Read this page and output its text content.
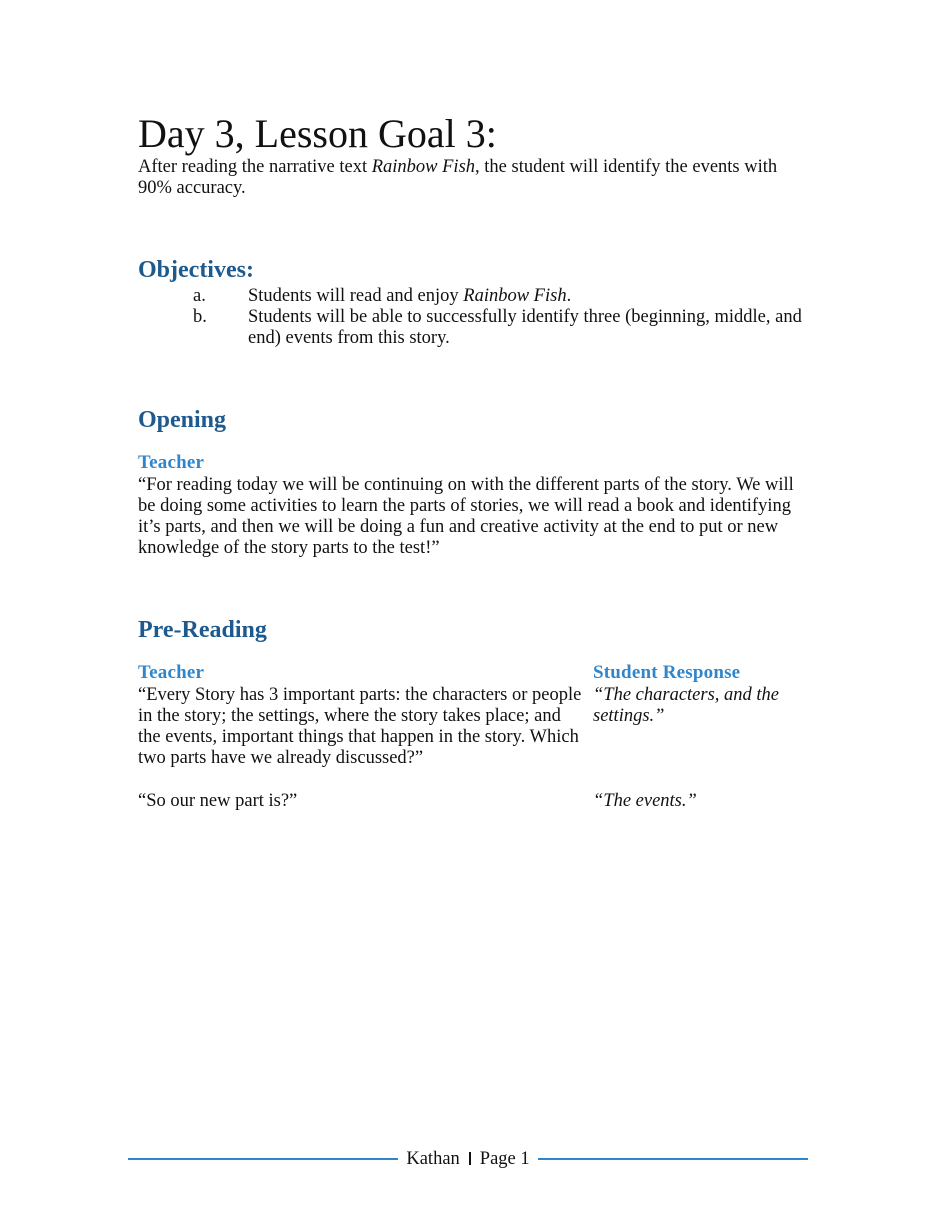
Day 3, Lesson Goal 3:
After reading the narrative text Rainbow Fish, the student will identify the events with 90% accuracy.
Objectives:
a. Students will read and enjoy Rainbow Fish.
b. Students will be able to successfully identify three (beginning, middle, and end) events from this story.
Opening
Teacher
“For reading today we will be continuing on with the different parts of the story. We will be doing some activities to learn the parts of stories, we will read a book and identifying it’s parts, and then we will be doing a fun and creative activity at the end to put or new knowledge of the story parts to the test!”
Pre-Reading
Teacher	Student Response
“Every Story has 3 important parts: the characters or people in the story; the settings, where the story takes place; and the events, important things that happen in the story. Which two parts have we already discussed?”
“The characters, and the settings.”
“So our new part is?”	“The events.”
Kathan Page 1
